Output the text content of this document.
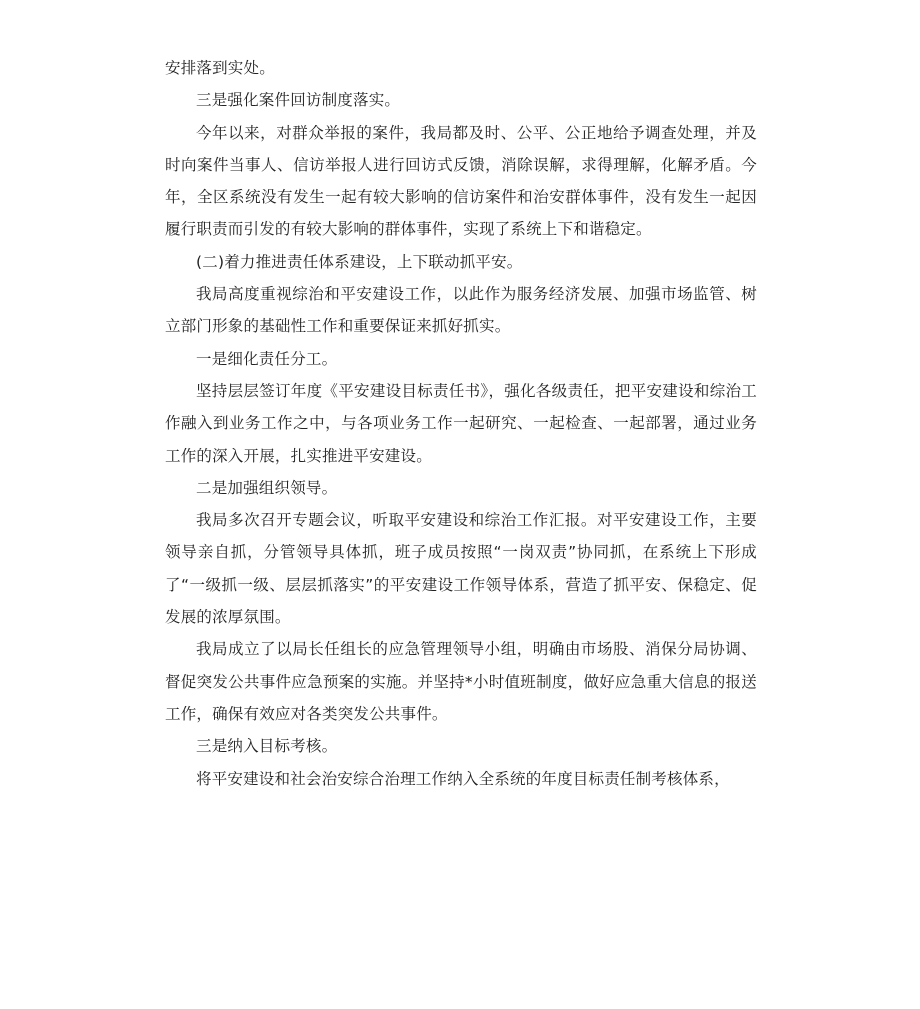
安排落到实处。

三是强化案件回访制度落实。

今年以来，对群众举报的案件，我局都及时、公平、公正地给予调查处理，并及时向案件当事人、信访举报人进行回访式反馈，消除误解，求得理解，化解矛盾。今年，全区系统没有发生一起有较大影响的信访案件和治安群体事件，没有发生一起因履行职责而引发的有较大影响的群体事件，实现了系统上下和谐稳定。

(二)着力推进责任体系建设，上下联动抓平安。

我局高度重视综治和平安建设工作，以此作为服务经济发展、加强市场监管、树立部门形象的基础性工作和重要保证来抓好抓实。

一是细化责任分工。

坚持层层签订年度《平安建设目标责任书》，强化各级责任，把平安建设和综治工作融入到业务工作之中，与各项业务工作一起研究、一起检查、一起部署，通过业务工作的深入开展，扎实推进平安建设。

二是加强组织领导。

我局多次召开专题会议，听取平安建设和综治工作汇报。对平安建设工作，主要领导亲自抓，分管领导具体抓，班子成员按照“一岗双责”协同抓，在系统上下形成了“一级抓一级、层层抓落实”的平安建设工作领导体系，营造了抓平安、保稳定、促发展的浓厚氛围。

我局成立了以局长任组长的应急管理领导小组，明确由市场股、消保分局协调、督促突发公共事件应急预案的实施。并坚持*小时值班制度，做好应急重大信息的报送工作，确保有效应对各类突发公共事件。

三是纳入目标考核。

将平安建设和社会治安综合治理工作纳入全系统的年度目标责任制考核体系，
